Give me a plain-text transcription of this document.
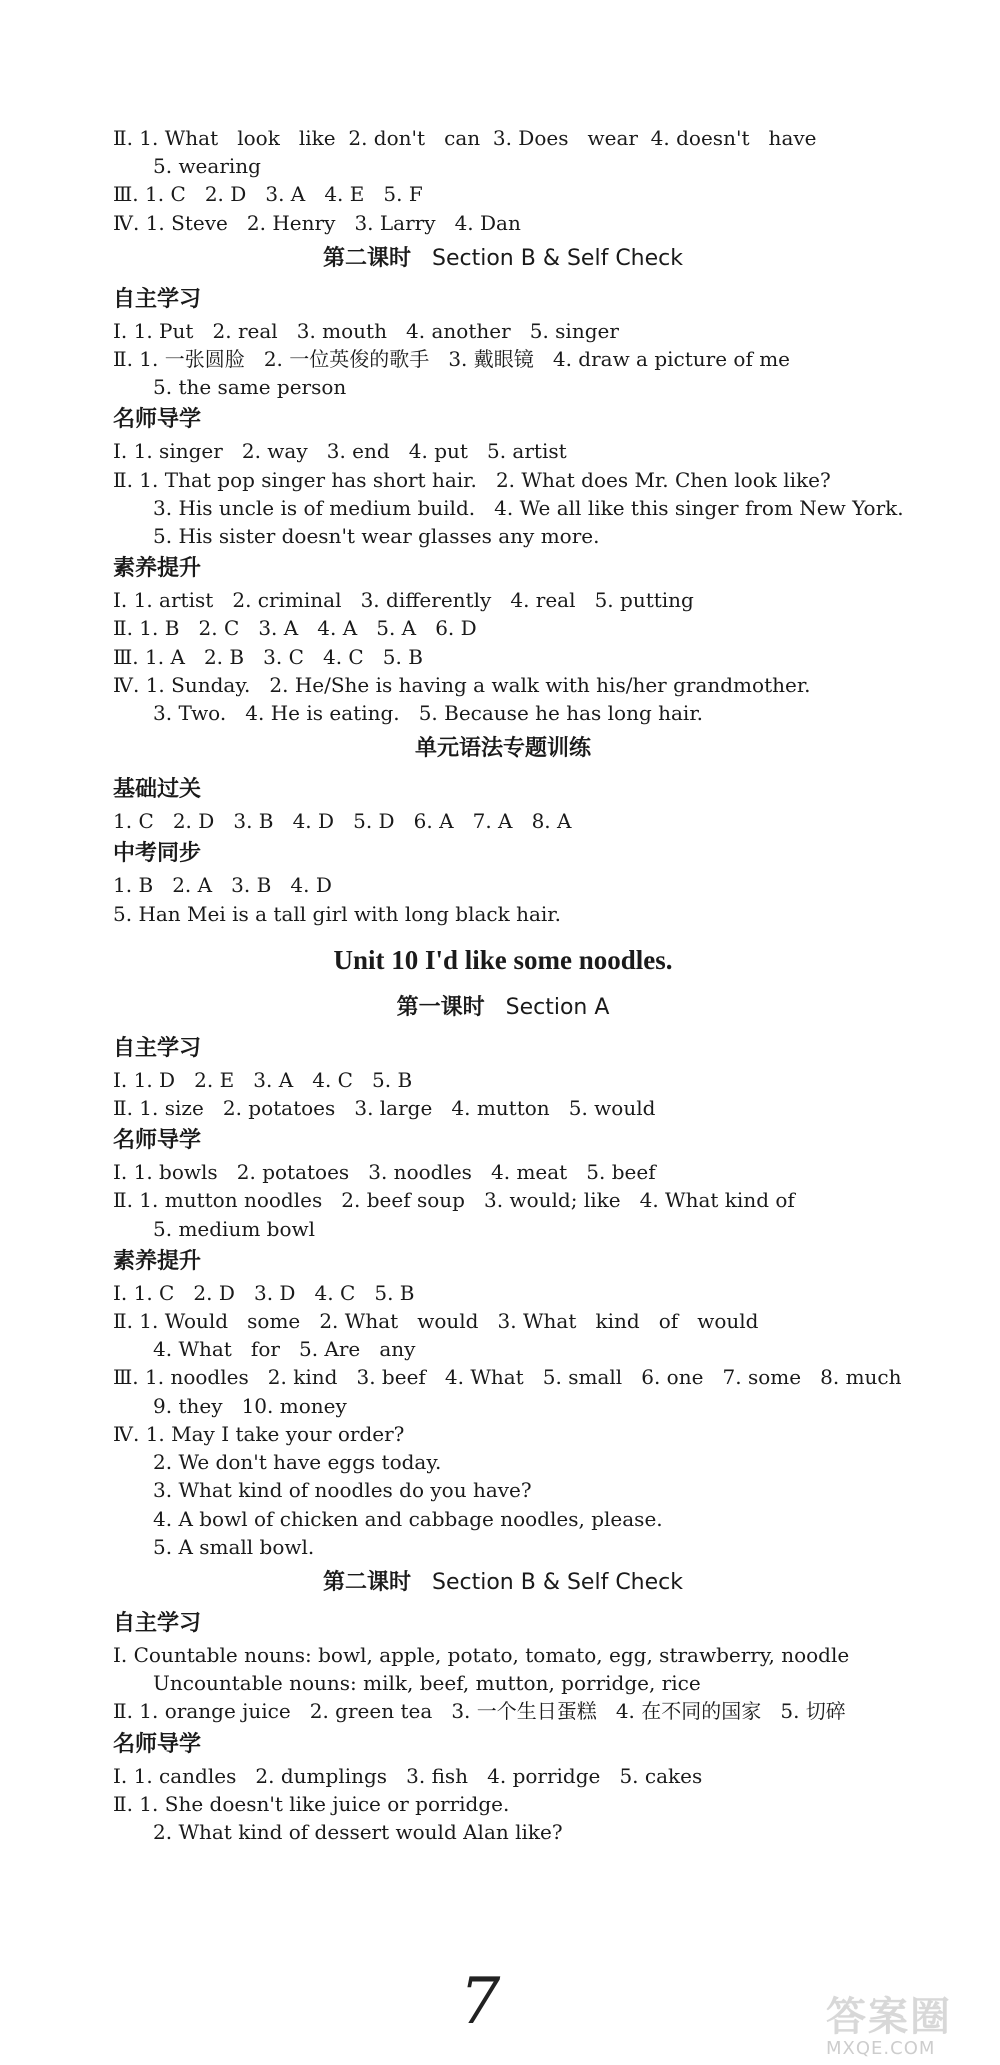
Ⅱ. 1. What   look   like  2. don't   can  3. Does   wear  4. doesn't   have
5. wearing
Ⅲ. 1. C   2. D   3. A   4. E   5. F
Ⅳ. 1. Steve   2. Henry   3. Larry   4. Dan
第二课时 Section B & Self Check
自主学习
Ⅰ. 1. Put   2. real   3. mouth   4. another   5. singer
Ⅱ. 1. 一张圆脸   2. 一位英俊的歌手   3. 戴眼镜   4. draw a picture of me
5. the same person
名师导学
Ⅰ. 1. singer   2. way   3. end   4. put   5. artist
Ⅱ. 1. That pop singer has short hair.   2. What does Mr. Chen look like?
3. His uncle is of medium build.   4. We all like this singer from New York.
5. His sister doesn't wear glasses any more.
素养提升
Ⅰ. 1. artist   2. criminal   3. differently   4. real   5. putting
Ⅱ. 1. B   2. C   3. A   4. A   5. A   6. D
Ⅲ. 1. A   2. B   3. C   4. C   5. B
Ⅳ. 1. Sunday.   2. He/She is having a walk with his/her grandmother.
3. Two.   4. He is eating.   5. Because he has long hair.
单元语法专题训练
基础过关
1. C   2. D   3. B   4. D   5. D   6. A   7. A   8. A
中考同步
1. B   2. A   3. B   4. D
5. Han Mei is a tall girl with long black hair.
Unit 10 I'd like some noodles.
第一课时 Section A
自主学习
Ⅰ. 1. D   2. E   3. A   4. C   5. B
Ⅱ. 1. size   2. potatoes   3. large   4. mutton   5. would
名师导学
Ⅰ. 1. bowls   2. potatoes   3. noodles   4. meat   5. beef
Ⅱ. 1. mutton noodles   2. beef soup   3. would; like   4. What kind of
5. medium bowl
素养提升
Ⅰ. 1. C   2. D   3. D   4. C   5. B
Ⅱ. 1. Would   some   2. What   would   3. What   kind   of   would
4. What   for   5. Are   any
Ⅲ. 1. noodles   2. kind   3. beef   4. What   5. small   6. one   7. some   8. much
9. they   10. money
Ⅳ. 1. May I take your order?
2. We don't have eggs today.
3. What kind of noodles do you have?
4. A bowl of chicken and cabbage noodles, please.
5. A small bowl.
第二课时 Section B & Self Check
自主学习
Ⅰ. Countable nouns: bowl, apple, potato, tomato, egg, strawberry, noodle
Uncountable nouns: milk, beef, mutton, porridge, rice
Ⅱ. 1. orange juice   2. green tea   3. 一个生日蛋糕   4. 在不同的国家   5. 切碎
名师导学
Ⅰ. 1. candles   2. dumplings   3. fish   4. porridge   5. cakes
Ⅱ. 1. She doesn't like juice or porridge.
2. What kind of dessert would Alan like?
7	答案圈
MXQE.COM
